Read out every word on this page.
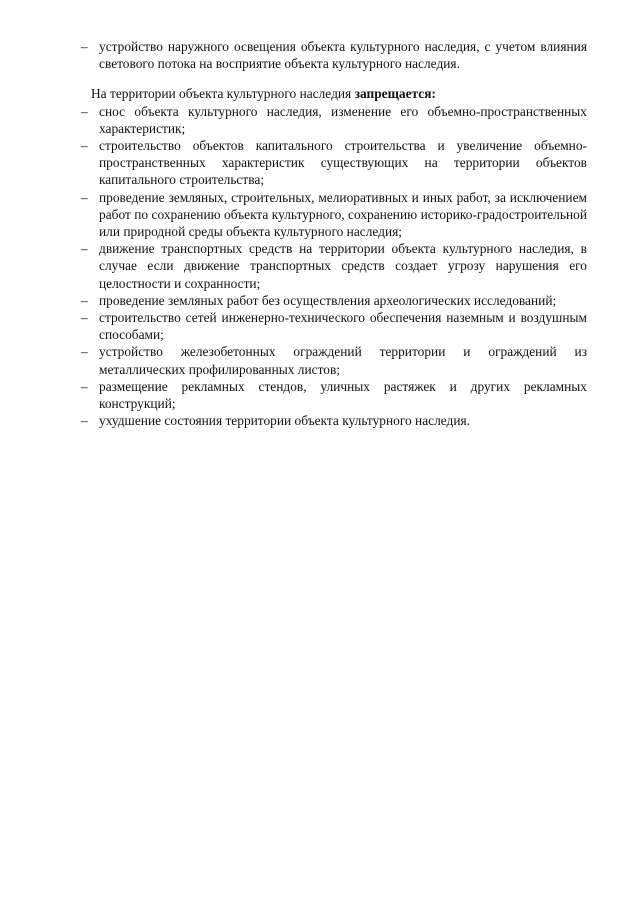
– устройство наружного освещения объекта культурного наследия, с учетом влияния светового потока на восприятие объекта культурного наследия.

На территории объекта культурного наследия запрещается:

– снос объекта культурного наследия, изменение его объемно-пространственных характеристик;

– строительство объектов капитального строительства и увеличение объемно-пространственных характеристик существующих на территории объектов капитального строительства;

– проведение земляных, строительных, мелиоративных и иных работ, за исключением работ по сохранению объекта культурного, сохранению историко-градостроительной или природной среды объекта культурного наследия;

– движение транспортных средств на территории объекта культурного наследия, в случае если движение транспортных средств создает угрозу нарушения его целостности и сохранности;

– проведение земляных работ без осуществления археологических исследований;

– строительство сетей инженерно-технического обеспечения наземным и воздушным способами;

– устройство железобетонных ограждений территории и ограждений из металлических профилированных листов;

– размещение рекламных стендов, уличных растяжек и других рекламных конструкций;

– ухудшение состояния территории объекта культурного наследия.
